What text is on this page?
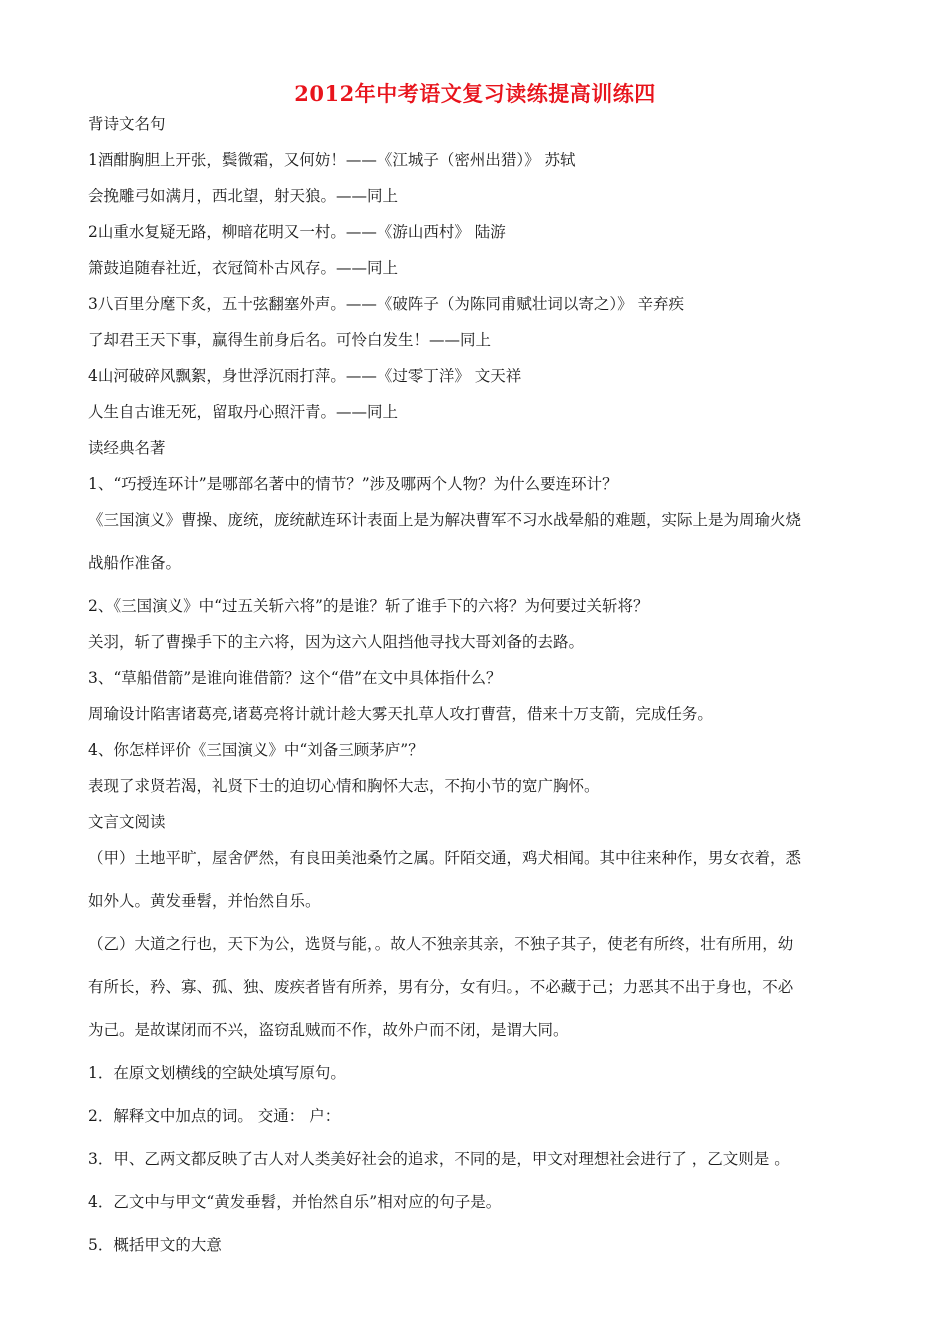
2012年中考语文复习读练提高训练四
背诗文名句
1酒酣胸胆上开张，鬓微霜，又何妨！——《江城子（密州出猎）》 苏轼
会挽雕弓如满月，西北望，射天狼。——同上
2山重水复疑无路，柳暗花明又一村。——《游山西村》 陆游
箫鼓追随春社近，衣冠简朴古风存。——同上
3八百里分麾下炙，五十弦翻塞外声。——《破阵子（为陈同甫赋壮词以寄之）》 辛弃疾
了却君王天下事，赢得生前身后名。可怜白发生！——同上
4山河破碎风飘絮，身世浮沉雨打萍。——《过零丁洋》 文天祥
人生自古谁无死，留取丹心照汗青。——同上
读经典名著
1、“巧授连环计”是哪部名著中的情节？”涉及哪两个人物？为什么要连环计？
《三国演义》曹操、庞统，庞统献连环计表面上是为解决曹军不习水战晕船的难题，实际上是为周瑜火烧
战船作准备。
2、《三国演义》中“过五关斩六将”的是谁？斩了谁手下的六将？为何要过关斩将？
关羽，斩了曹操手下的主六将，因为这六人阻挡他寻找大哥刘备的去路。
3、“草船借箭”是谁向谁借箭？这个“借”在文中具体指什么？
周瑜设计陷害诸葛亮,诸葛亮将计就计趁大雾天扎草人攻打曹营，借来十万支箭，完成任务。
4、你怎样评价《三国演义》中“刘备三顾茅庐”？
表现了求贤若渴，礼贤下士的迫切心情和胸怀大志，不拘小节的宽广胸怀。
文言文阅读
（甲）土地平旷，屋舍俨然，有良田美池桑竹之属。阡陌交通，鸡犬相闻。其中往来种作，男女衣着，悉
如外人。黄发垂髫，并怡然自乐。
（乙）大道之行也，天下为公，选贤与能，。故人不独亲其亲，不独子其子，使老有所终，壮有所用，幼
有所长，矜、寡、孤、独、废疾者皆有所养，男有分，女有归。，不必藏于己；力恶其不出于身也，不必
为己。是故谋闭而不兴，盗窃乱贼而不作，故外户而不闭，是谓大同。
1．在原文划横线的空缺处填写原句。
2．解释文中加点的词。 交通： 户：
3．甲、乙两文都反映了古人对人类美好社会的追求，不同的是，甲文对理想社会进行了 ，乙文则是 。
4．乙文中与甲文“黄发垂髫，并怡然自乐”相对应的句子是。
5．概括甲文的大意
